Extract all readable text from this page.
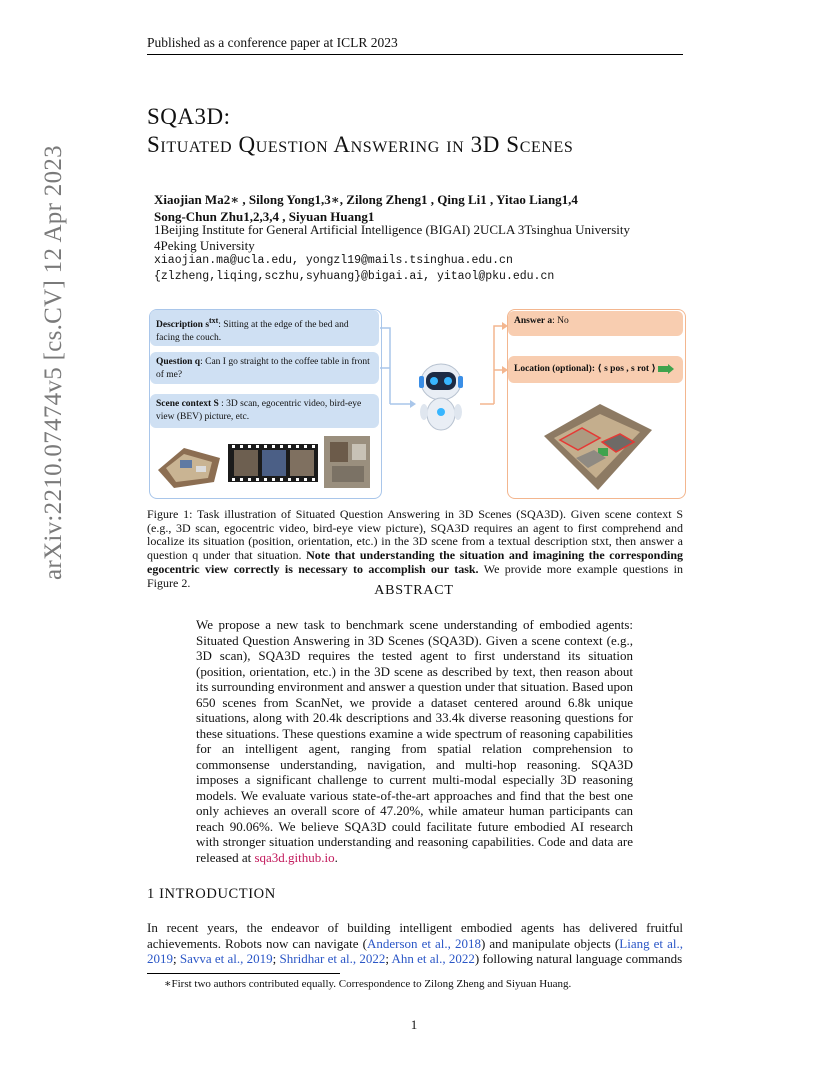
Published as a conference paper at ICLR 2023
arXiv:2210.07474v5 [cs.CV] 12 Apr 2023
SQA3D:
Situated Question Answering in 3D Scenes
Xiaojian Ma2∗ , Silong Yong1,3∗, Zilong Zheng1 , Qing Li1 , Yitao Liang1,4
Song-Chun Zhu1,2,3,4 , Siyuan Huang1
1Beijing Institute for General Artificial Intelligence (BIGAI) 2UCLA 3Tsinghua University
4Peking University
xiaojian.ma@ucla.edu, yongzl19@mails.tsinghua.edu.cn
{zlzheng,liqing,sczhu,syhuang}@bigai.ai, yitaol@pku.edu.cn
Description $s^{txt}$: Sitting at the edge of the bed and facing the couch.
Question q: Can I go straight to the coffee table in front of me?
Scene context S : 3D scan, egocentric video, bird-eye view (BEV) picture, etc.
Answer a: No
Location (optional): ⟨ s pos , s rot ⟩
Figure 1: Task illustration of Situated Question Answering in 3D Scenes (SQA3D). Given scene context S (e.g., 3D scan, egocentric video, bird-eye view picture), SQA3D requires an agent to first comprehend and localize its situation (position, orientation, etc.) in the 3D scene from a textual description stxt, then answer a question q under that situation. Note that understanding the situation and imagining the corresponding egocentric view correctly is necessary to accomplish our task. We provide more example questions in Figure 2.
ABSTRACT
We propose a new task to benchmark scene understanding of embodied agents: Situated Question Answering in 3D Scenes (SQA3D). Given a scene context (e.g., 3D scan), SQA3D requires the tested agent to first understand its situation (position, orientation, etc.) in the 3D scene as described by text, then reason about its surrounding environment and answer a question under that situation. Based upon 650 scenes from ScanNet, we provide a dataset centered around 6.8k unique situations, along with 20.4k descriptions and 33.4k diverse reasoning questions for these situations. These questions examine a wide spectrum of reasoning capabilities for an intelligent agent, ranging from spatial relation comprehension to commonsense understanding, navigation, and multi-hop reasoning. SQA3D imposes a significant challenge to current multi-modal especially 3D reasoning models. We evaluate various state-of-the-art approaches and find that the best one only achieves an overall score of 47.20%, while amateur human participants can reach 90.06%. We believe SQA3D could facilitate future embodied AI research with stronger situation understanding and reasoning capabilities. Code and data are released at sqa3d.github.io.
1 INTRODUCTION
In recent years, the endeavor of building intelligent embodied agents has delivered fruitful achievements. Robots now can navigate (Anderson et al., 2018) and manipulate objects (Liang et al., 2019; Savva et al., 2019; Shridhar et al., 2022; Ahn et al., 2022) following natural language commands
∗First two authors contributed equally. Correspondence to Zilong Zheng and Siyuan Huang.
1
